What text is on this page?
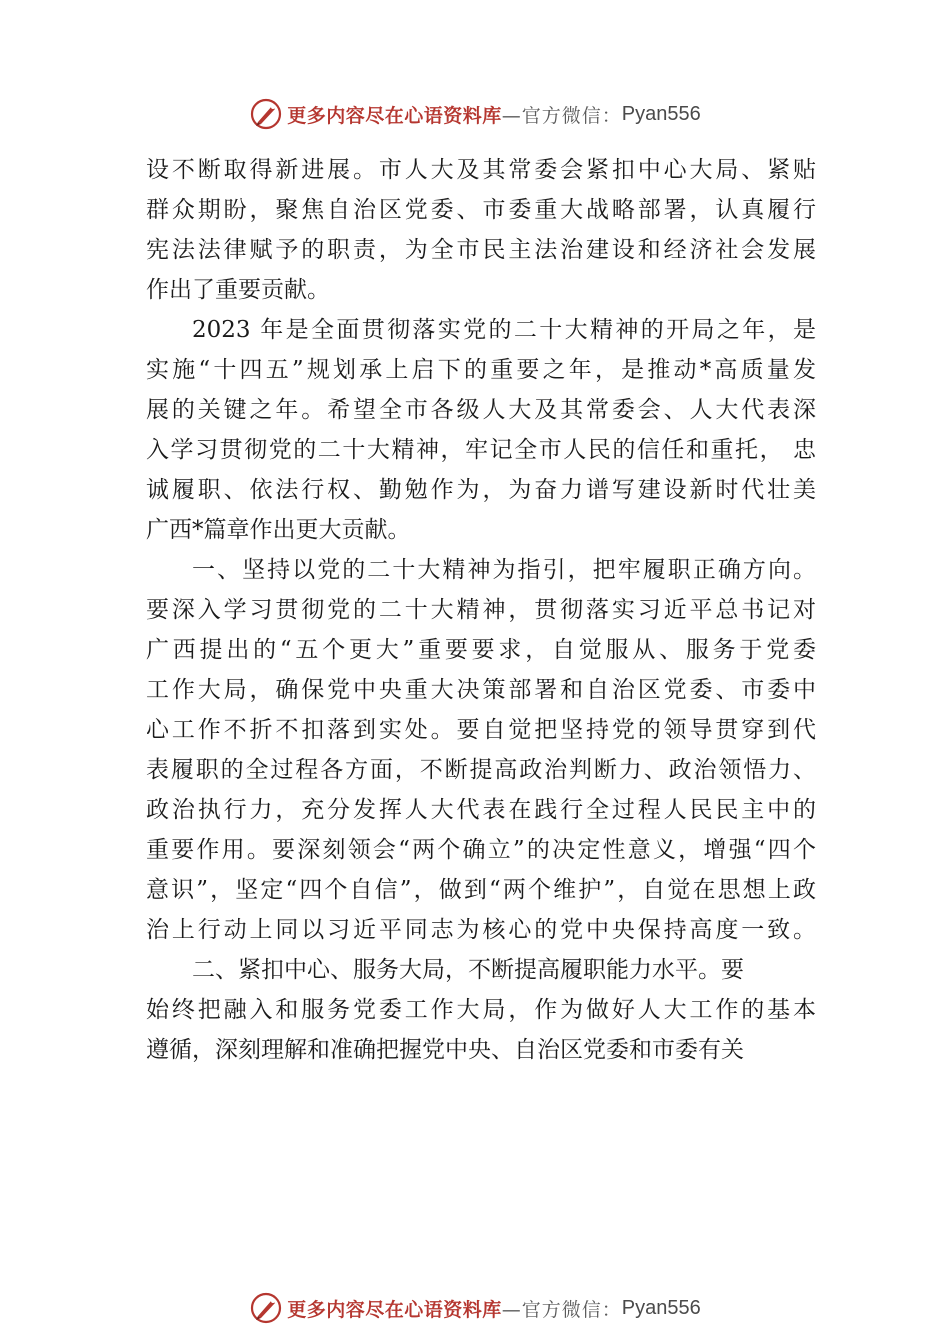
更多内容尽在心语资料库 —官方微信： Pyan556
设不断取得新进展。市人大及其常委会紧扣中心大局、紧贴
群众期盼，聚焦自治区党委、市委重大战略部署，认真履行
宪法法律赋予的职责，为全市民主法治建设和经济社会发展
作出了重要贡献。
2023 年是全面贯彻落实党的二十大精神的开局之年，是
实施“十四五”规划承上启下的重要之年，是推动*高质量发
展的关键之年。希望全市各级人大及其常委会、人大代表深
入学习贯彻党的二十大精神，牢记全市人民的信任和重托， 忠
诚履职、依法行权、勤勉作为，为奋力谱写建设新时代壮美
广西*篇章作出更大贡献。
一、坚持以党的二十大精神为指引，把牢履职正确方向。
要深入学习贯彻党的二十大精神，贯彻落实习近平总书记对
广西提出的“五个更大”重要要求，自觉服从、服务于党委
工作大局，确保党中央重大决策部署和自治区党委、市委中
心工作不折不扣落到实处。要自觉把坚持党的领导贯穿到代
表履职的全过程各方面，不断提高政治判断力、政治领悟力、
政治执行力，充分发挥人大代表在践行全过程人民民主中的
重要作用。要深刻领会“两个确立”的决定性意义，增强“四个
意识”，坚定“四个自信”，做到“两个维护”，自觉在思想上政
治上行动上同以习近平同志为核心的党中央保持高度一致。
二、紧扣中心、服务大局，不断提高履职能力水平。要
始终把融入和服务党委工作大局，作为做好人大工作的基本
遵循，深刻理解和准确把握党中央、自治区党委和市委有关
更多内容尽在心语资料库 —官方微信： Pyan556
